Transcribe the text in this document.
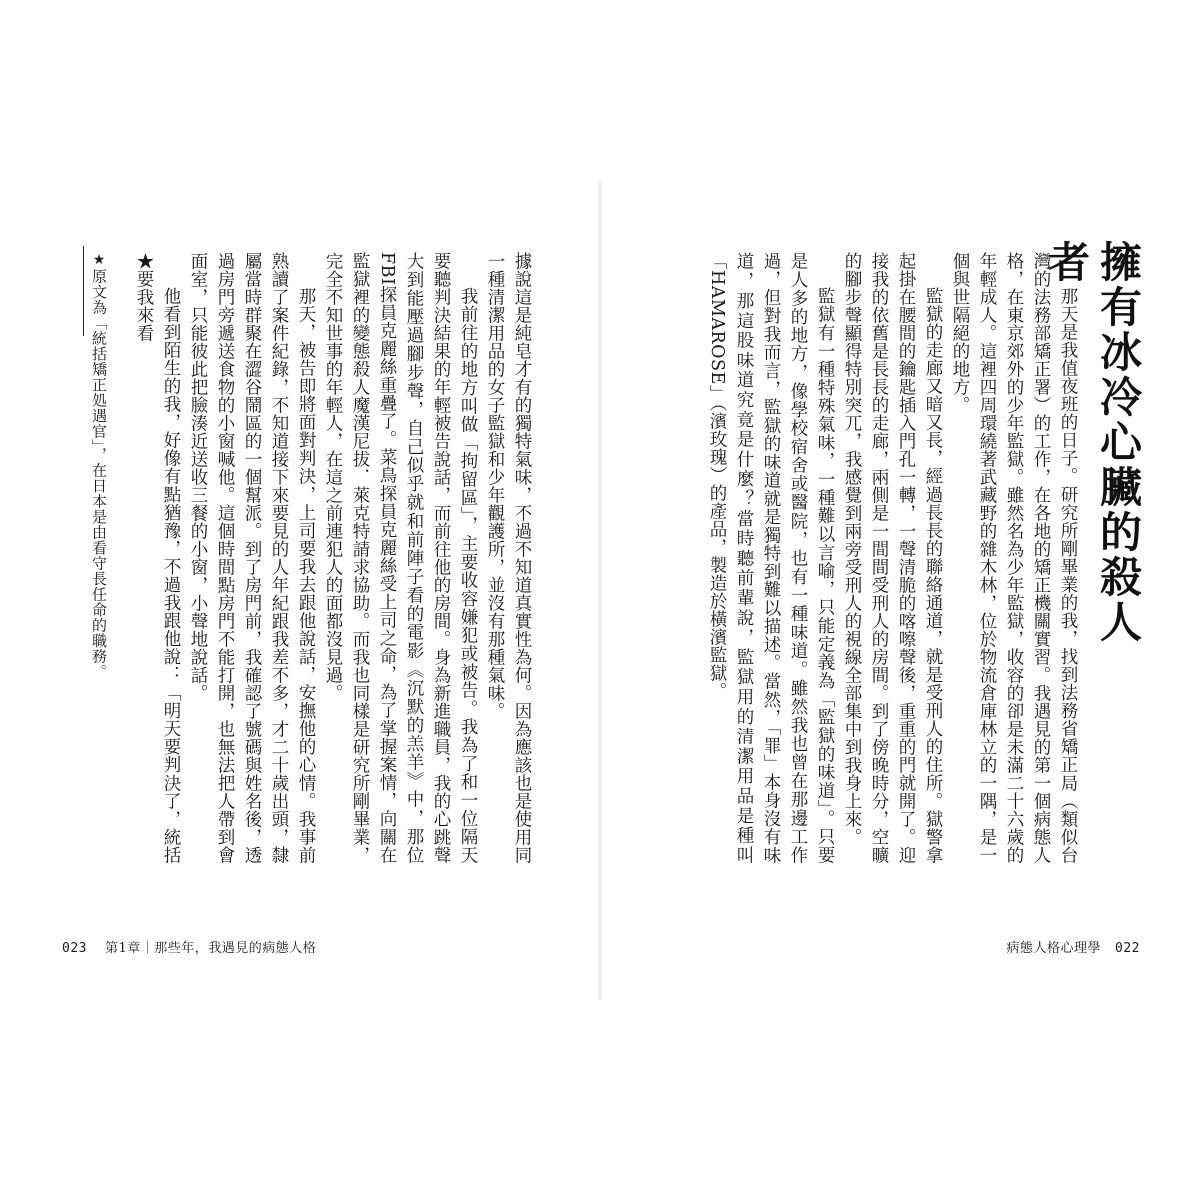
擁有冰冷心臟的殺人者

那天是我值夜班的日子。研究所剛畢業的我，找到法務省矯正局（類似台灣的法務部矯正署）的工作，在各地的矯正機關實習。我遇見的第一個病態人格，在東京郊外的少年監獄。雖然名為少年監獄，收容的卻是未滿二十六歲的年輕成人。這裡四周環繞著武藏野的雜木林，位於物流倉庫林立的一隅，是一個與世隔絕的地方。

監獄的走廊又暗又長，經過長長的聯絡通道，就是受刑人的住所。獄警拿起掛在腰間的鑰匙插入門孔一轉，一聲清脆的喀嚓聲後，重重的門就開了。迎接我的依舊是長長的走廊，兩側是一間間受刑人的房間。到了傍晚時分，空曠的腳步聲顯得特別突兀，我感覺到兩旁受刑人的視線全部集中到我身上來。

監獄有一種特殊氣味，一種難以言喻，只能定義為「監獄的味道」。只要是人多的地方，像學校宿舍或醫院，也有一種味道。雖然我也曾在那邊工作過，但對我而言，監獄的味道就是獨特到難以描述。當然，「罪」本身沒有味道，那這股味道究竟是什麼？當時聽前輩說，監獄用的清潔用品是種叫「HAMAROSE」（濱玫瑰）的產品，製造於橫濱監獄。

病態人格心理學 022

據說這是純皂才有的獨特氣味，不過不知道真實性為何。因為應該也是使用同一種清潔用品的女子監獄和少年觀護所，並沒有那種氣味。

我前往的地方叫做「拘留區」，主要收容嫌犯或被告。我為了和一位隔天要聽判決結果的年輕被告說話，而前往他的房間。身為新進職員，我的心跳聲大到能壓過腳步聲，自己似乎就和前陣子看的電影《沉默的羔羊》中，那位FBI探員克麗絲重疊了。菜鳥探員克麗絲受上司之命，為了掌握案情，向關在監獄裡的變態殺人魔漢尼拔．萊克特請求協助。而我也同樣是研究所剛畢業，完全不知世事的年輕人，在這之前連犯人的面都沒見過。

那天，被告即將面對判決，上司要我去跟他說話，安撫他的心情。我事前熟讀了案件紀錄，不知道接下來要見的人年紀跟我差不多，才二十歲出頭，隸屬當時群聚在澀谷鬧區的一個幫派。到了房門前，我確認了號碼與姓名後，透過房門旁遞送食物的小窗喊他。這個時間點房門不能打開，也無法把人帶到會面室，只能彼此把臉湊近送收三餐的小窗，小聲地說話。

他看到陌生的我，好像有點猶豫，不過我跟他說：「明天要判決了，統括★要我來看

★原文為「統括矯正処遇官」，在日本是由看守長任命的職務。

023 第1章｜那些年，我遇見的病態人格
